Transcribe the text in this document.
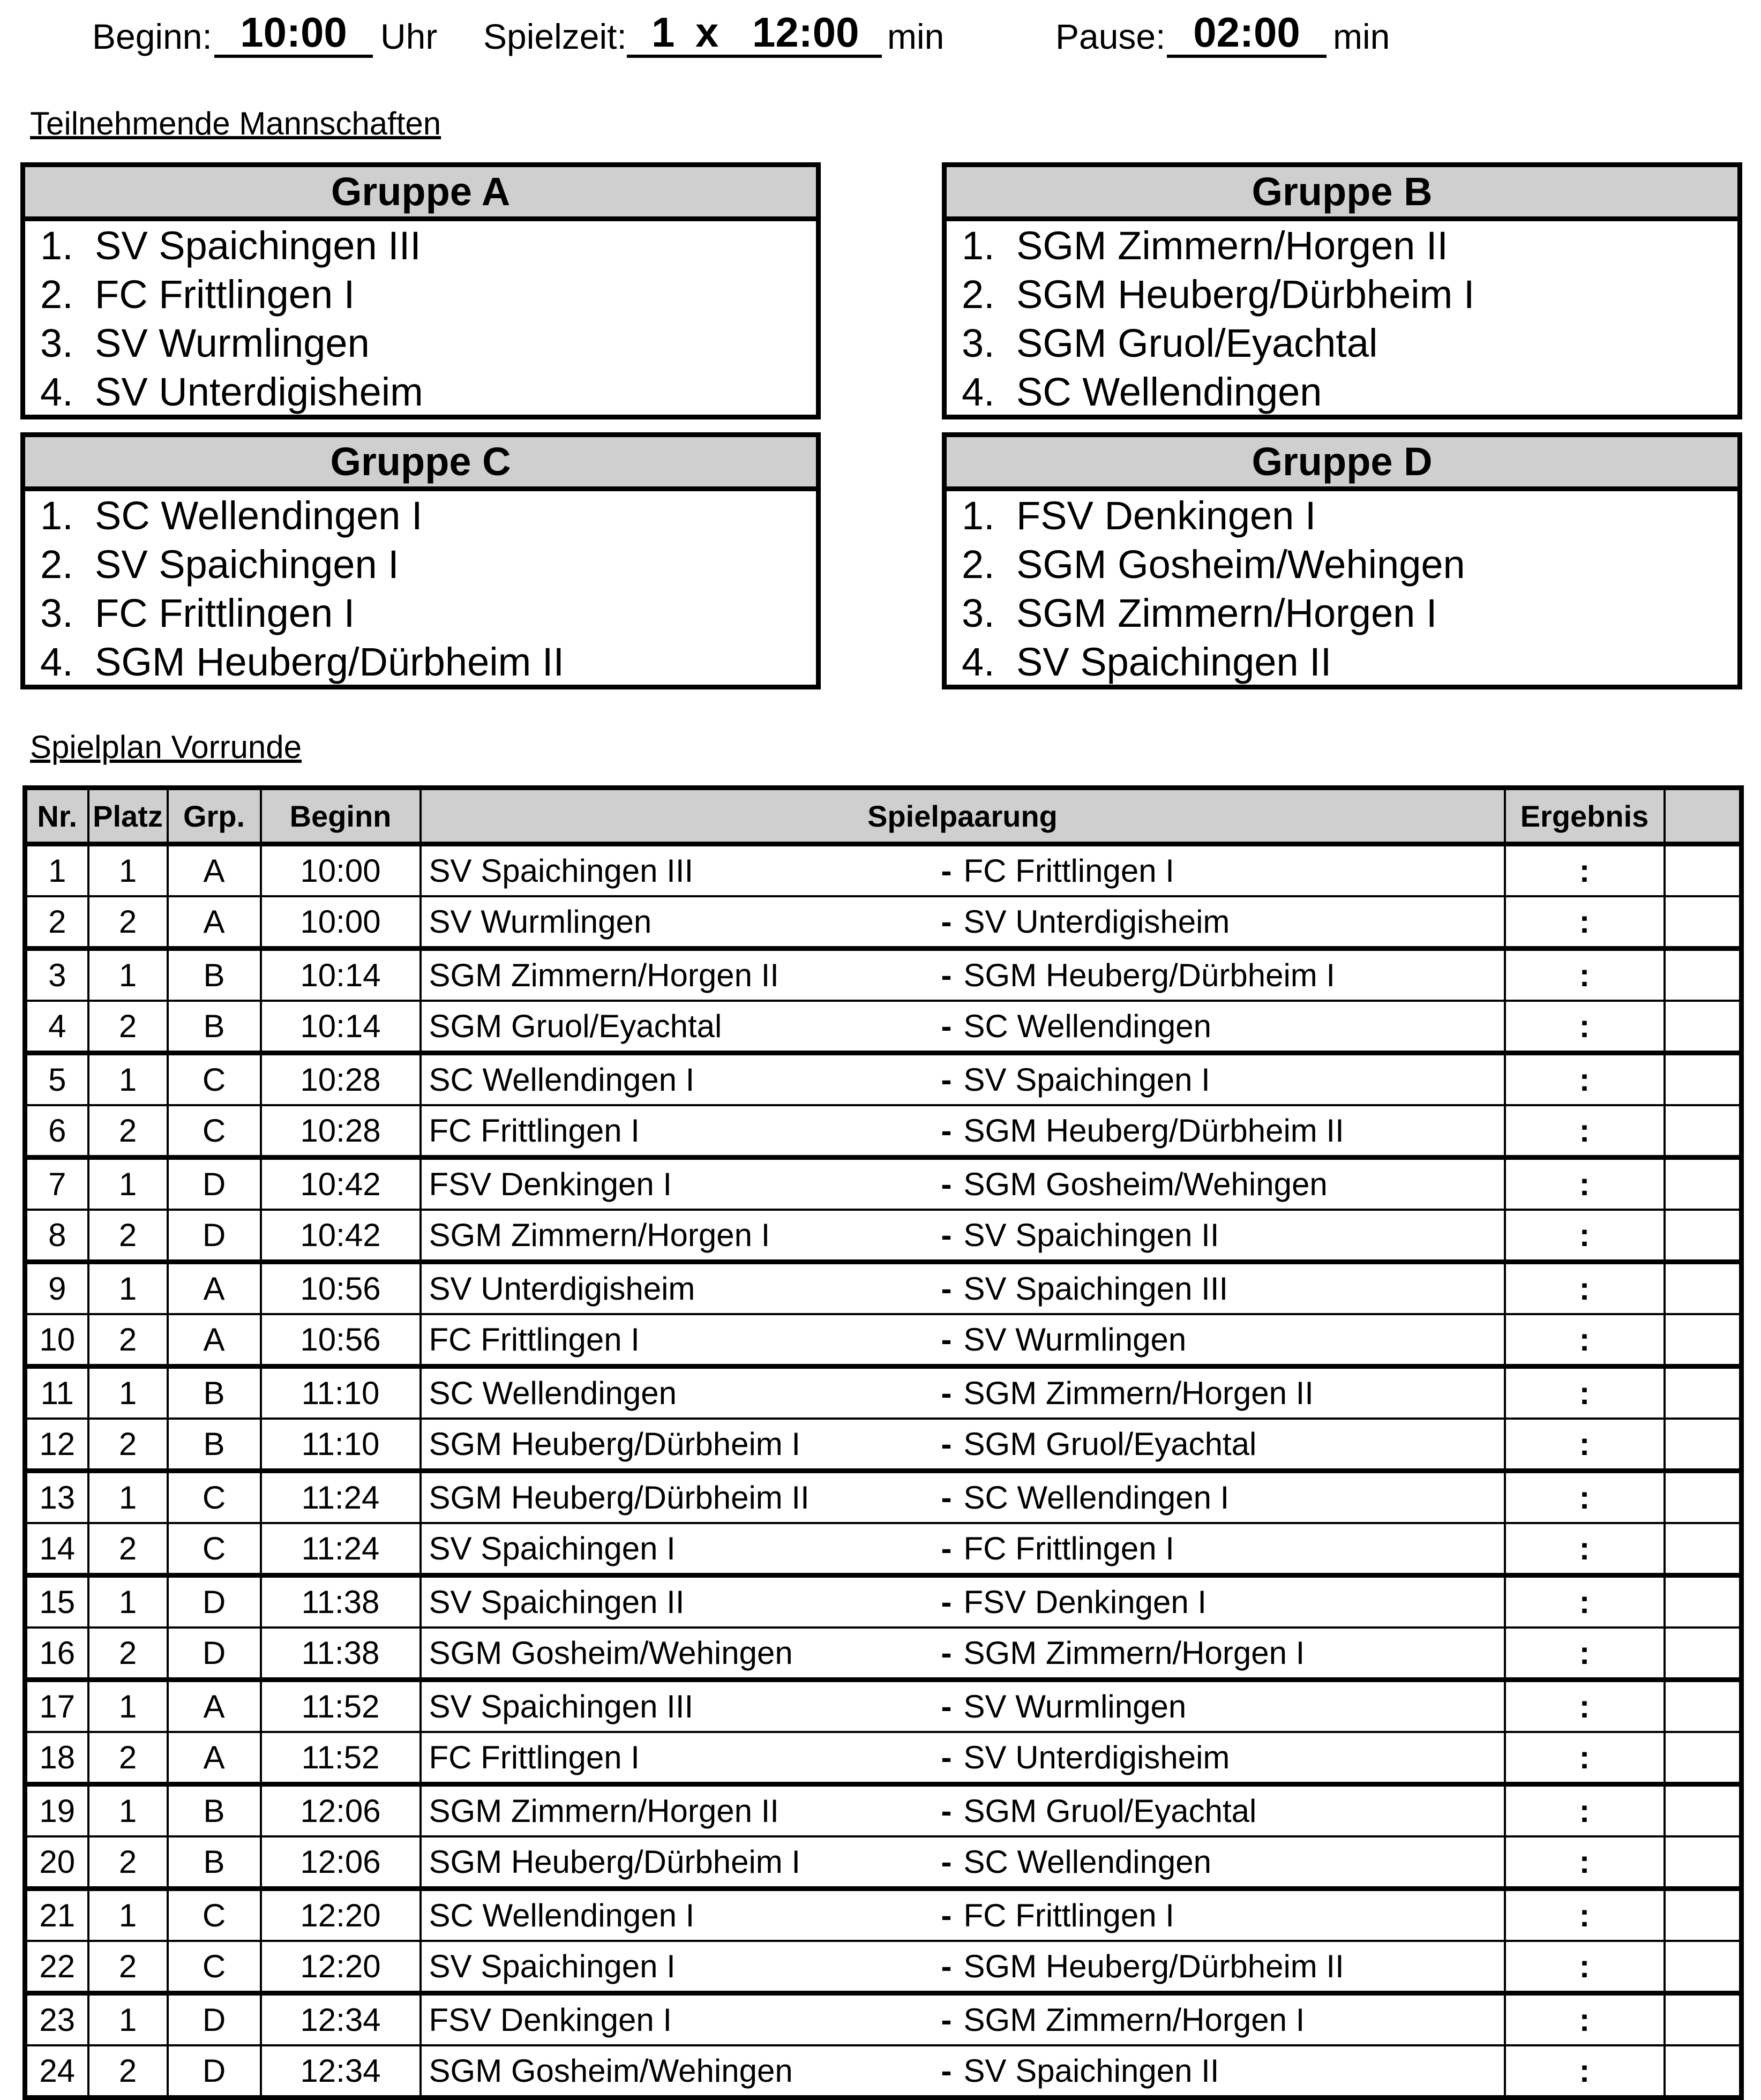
Beginn: 10:00 Uhr Spielzeit: 1 x 12:00 min	Pause: 02:00 min
Teilnehmende Mannschaften
Gruppe A
1. SV Spaichingen III
2. FC Frittlingen I
3. SV Wurmlingen
4. SV Unterdigisheim
Gruppe B
1. SGM Zimmern/Horgen II
2. SGM Heuberg/Dürbheim I
3. SGM Gruol/Eyachtal
4. SC Wellendingen
Gruppe C
1. SC Wellendingen I
2. SV Spaichingen I
3. FC Frittlingen I
4. SGM Heuberg/Dürbheim II
Gruppe D
1. FSV Denkingen I
2. SGM Gosheim/Wehingen
3. SGM Zimmern/Horgen I
4. SV Spaichingen II
Spielplan Vorrunde
Nr.	Platz	Grp.	Beginn	Spielpaarung	Ergebnis	
1	1	A	10:00	SV Spaichingen III - FC Frittlingen I	:	
2	2	A	10:00	SV Wurmlingen - SV Unterdigisheim	:	
3	1	B	10:14	SGM Zimmern/Horgen II - SGM Heuberg/Dürbheim I	:	
4	2	B	10:14	SGM Gruol/Eyachtal - SC Wellendingen	:	
5	1	C	10:28	SC Wellendingen I - SV Spaichingen I	:	
6	2	C	10:28	FC Frittlingen I - SGM Heuberg/Dürbheim II	:	
7	1	D	10:42	FSV Denkingen I - SGM Gosheim/Wehingen	:	
8	2	D	10:42	SGM Zimmern/Horgen I - SV Spaichingen II	:	
9	1	A	10:56	SV Unterdigisheim - SV Spaichingen III	:	
10	2	A	10:56	FC Frittlingen I - SV Wurmlingen	:	
11	1	B	11:10	SC Wellendingen - SGM Zimmern/Horgen II	:	
12	2	B	11:10	SGM Heuberg/Dürbheim I - SGM Gruol/Eyachtal	:	
13	1	C	11:24	SGM Heuberg/Dürbheim II - SC Wellendingen I	:	
14	2	C	11:24	SV Spaichingen I - FC Frittlingen I	:	
15	1	D	11:38	SV Spaichingen II - FSV Denkingen I	:	
16	2	D	11:38	SGM Gosheim/Wehingen - SGM Zimmern/Horgen I	:	
17	1	A	11:52	SV Spaichingen III - SV Wurmlingen	:	
18	2	A	11:52	FC Frittlingen I - SV Unterdigisheim	:	
19	1	B	12:06	SGM Zimmern/Horgen II - SGM Gruol/Eyachtal	:	
20	2	B	12:06	SGM Heuberg/Dürbheim I - SC Wellendingen	:	
21	1	C	12:20	SC Wellendingen I - FC Frittlingen I	:	
22	2	C	12:20	SV Spaichingen I - SGM Heuberg/Dürbheim II	:	
23	1	D	12:34	FSV Denkingen I - SGM Zimmern/Horgen I	:	
24	2	D	12:34	SGM Gosheim/Wehingen - SV Spaichingen II	:	
